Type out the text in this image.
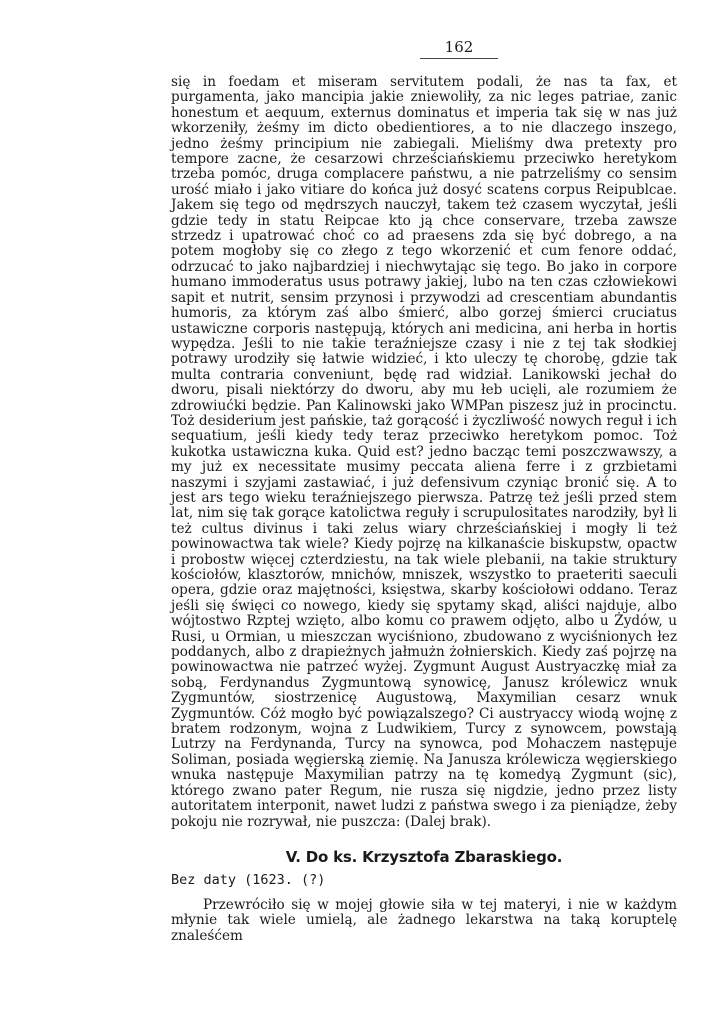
162

się in foedam et miseram servitutem podali, że nas ta fax, et purgamenta, jako mancipia jakie zniewoliły, za nic leges patriae, zanic honestum et aequum, externus dominatus et imperia tak się w nas już wkorzeniły, żeśmy im dicto obedientiores, a to nie dlaczego inszego, jedno żeśmy principium nie zabiegali. Mieliśmy dwa pretexty pro tempore zacne, że cesarzowi chrześciańskiemu przeciwko heretykom trzeba pomóc, druga complacere państwu, a nie patrzeliśmy co sensim urość miało i jako vitiare do końca już dosyć scatens corpus Reipublcae. Jakem się tego od mędrszych nauczył, takem też czasem wyczytał, jeśli gdzie tedy in statu Reipcae kto ją chce conservare, trzeba zawsze strzedz i upatrować choć co ad praesens zda się być dobrego, a na potem mogłoby się co złego z tego wkorzenić et cum fenore oddać, odrzucać to jako najbardziej i niechwytając się tego. Bo jako in corpore humano immoderatus usus potrawy jakiej, lubo na ten czas człowiekowi sapit et nutrit, sensim przynosi i przywodzi ad crescentiam abundantis humoris, za którym zaś albo śmierć, albo gorzej śmierci cruciatus ustawiczne corporis następują, których ani medicina, ani herba in hortis wypędza. Jeśli to nie takie teraźniejsze czasy i nie z tej tak słodkiej potrawy urodziły się łatwie widzieć, i kto uleczy tę chorobę, gdzie tak multa contraria conveniunt, będę rad widział. Lanikowski jechał do dworu, pisali niektórzy do dworu, aby mu łeb ucięli, ale rozumiem że zdrowiućki będzie. Pan Kalinowski jako WMPan piszesz już in procinctu. Toż desiderium jest pańskie, taż gorącość i życzliwość nowych reguł i ich sequatium, jeśli kiedy tedy teraz przeciwko heretykom pomoc. Toż kukotka ustawiczna kuka. Quid est? jedno bacząc temi poszczwawszy, a my już ex necessitate musimy peccata aliena ferre i z grzbietami naszymi i szyjami zastawiać, i już defensivum czyniąc bronić się. A to jest ars tego wieku teraźniejszego pierwsza. Patrzę też jeśli przed stem lat, nim się tak gorące katolictwa reguły i scrupulositates narodziły, był li też cultus divinus i taki zelus wiary chrześciańskiej i mogły li też powinowactwa tak wiele? Kiedy pojrzę na kilkanaście biskupstw, opactw i probostw więcej czterdziestu, na tak wiele plebanii, na takie struktury kościołów, klasztorów, mnichów, mniszek, wszystko to praeteriti saeculi opera, gdzie oraz majętności, księstwa, skarby kościołowi oddano. Teraz jeśli się święci co nowego, kiedy się spytamy skąd, aliści najduje, albo wójtostwo Rzptej wzięto, albo komu co prawem odjęto, albo u Żydów, u Rusi, u Ormian, u mieszczan wyciśniono, zbudowano z wyciśnionych łez poddanych, albo z drapieżnych jałmużn żołnierskich. Kiedy zaś pojrzę na powinowactwa nie patrzeć wyżej. Zygmunt August Austryaczkę miał za sobą, Ferdynandus Zygmuntową synowicę, Janusz królewicz wnuk Zygmuntów, siostrzenicę Augustową, Maxymilian cesarz wnuk Zygmuntów. Cóż mogło być powiązalszego? Ci austryaccy wiodą wojnę z bratem rodzonym, wojna z Ludwikiem, Turcy z synowcem, powstają Lutrzy na Ferdynanda, Turcy na synowca, pod Mohaczem następuje Soliman, posiada węgierską ziemię. Na Janusza królewicza węgierskiego wnuka następuje Maxymilian patrzy na tę komedyą Zygmunt (sic), którego zwano pater Regum, nie rusza się nigdzie, jedno przez listy autoritatem interponit, nawet ludzi z państwa swego i za pieniądze, żeby pokoju nie rozrywał, nie puszcza: (Dalej brak).

V. Do ks. Krzysztofa Zbaraskiego.
Bez daty (1623. (?)

Przewróciło się w mojej głowie siła w tej materyi, i nie w każdym młynie tak wiele umielą, ale żadnego lekarstwa na taką koruptelę znaleśćem
